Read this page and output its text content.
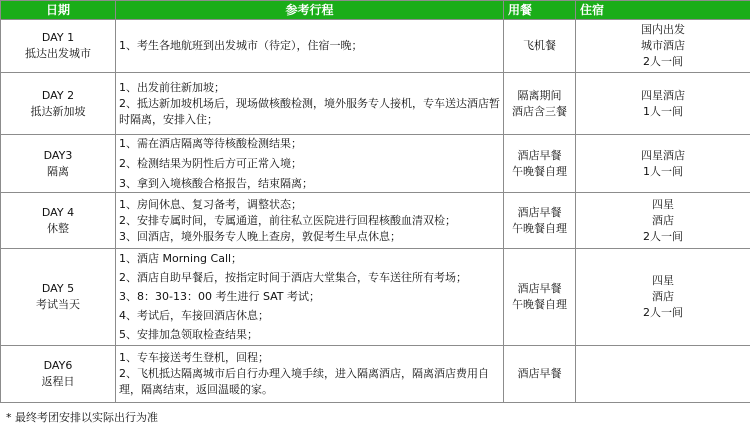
日期	参考行程	用餐	住宿

DAY 1
抵达出发城市	1、考生各地航班到出发城市（待定），住宿一晚；	飞机餐	国内出发
城市酒店
2人一间

DAY 2
抵达新加坡	1、出发前往新加坡；
2、抵达新加坡机场后，现场做核酸检测，境外服务专人接机，专车送达酒店暂时隔离，安排入住；	隔离期间
酒店含三餐	四星酒店
1人一间

DAY3
隔离	1、需在酒店隔离等待核酸检测结果；
2、检测结果为阴性后方可正常入境；
3、拿到入境核酸合格报告，结束隔离；	酒店早餐
午晚餐自理	四星酒店
1人一间

DAY 4
休整	1、房间休息、复习备考，调整状态；
2、安排专属时间，专属通道，前往私立医院进行回程核酸血清双检；
3、回酒店，境外服务专人晚上查房，敦促考生早点休息；	酒店早餐
午晚餐自理	四星
酒店
2人一间

DAY 5
考试当天	1、酒店 Morning Call；
2、酒店自助早餐后，按指定时间于酒店大堂集合，专车送往所有考场；
3、8：30-13：00 考生进行 SAT 考试；
4、考试后，车接回酒店休息；
5、安排加急领取检查结果；	酒店早餐
午晚餐自理	四星
酒店
2人一间

DAY6
返程日	1、专车接送考生登机，回程；
2、飞机抵达隔离城市后自行办理入境手续，进入隔离酒店，隔离酒店费用自理，隔离结束，返回温暖的家。	酒店早餐	

* 最终考团安排以实际出行为准
